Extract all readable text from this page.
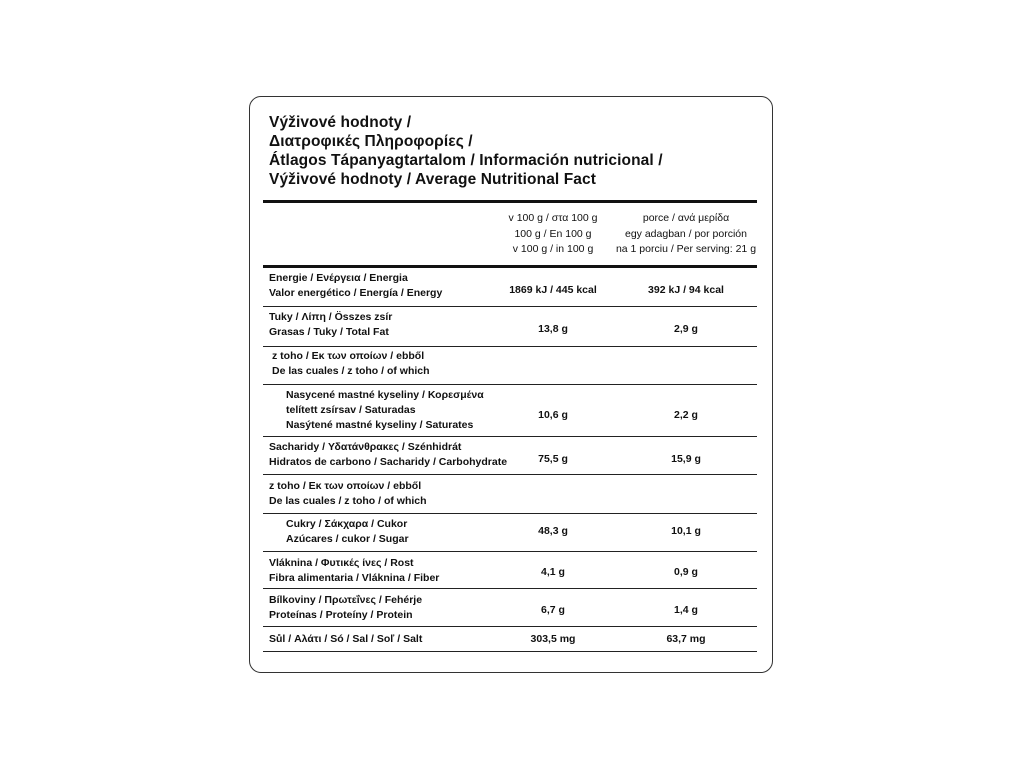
Výživové hodnoty /
Διατροφικές Πληροφορίες /
Átlagos Tápanyagtartalom / Información nutricional /
Výživové hodnoty / Average Nutritional Fact
v 100 g / στα 100 g
100 g / En 100 g
v 100 g / in 100 g
porce / ανά μερίδα
egy adagban / por porción
na 1 porciu / Per serving: 21 g
Energie / Ενέργεια / Energia
Valor energético / Energía / Energy	1869 kJ / 445 kcal	392 kJ / 94 kcal
Tuky / Λίπη / Összes zsír
Grasas / Tuky / Total Fat	13,8 g	2,9 g
z toho / Εκ των οποίων / ebből
De las cuales / z toho / of which
Nasycené mastné kyseliny / Κορεσμένα
telített zsírsav / Saturadas
Nasýtené mastné kyseliny / Saturates
10,6 g	2,2 g
Sacharidy / Υδατάνθρακες / Szénhidrát
Hidratos de carbono / Sacharidy / Carbohydrate	75,5 g	15,9 g
z toho / Εκ των οποίων / ebből
De las cuales / z toho / of which
Cukry / Σάκχαρα / Cukor
Azúcares / cukor / Sugar
48,3 g	10,1 g
Vláknina / Φυτικές ίνες / Rost
Fibra alimentaria / Vláknina / Fiber	4,1 g	0,9 g
Bílkoviny / Πρωτεΐνες / Fehérje
Proteínas / Proteíny / Protein	6,7 g	1,4 g
Sůl / Αλάτι / Só / Sal / Soľ / Salt	303,5 mg	63,7 mg
